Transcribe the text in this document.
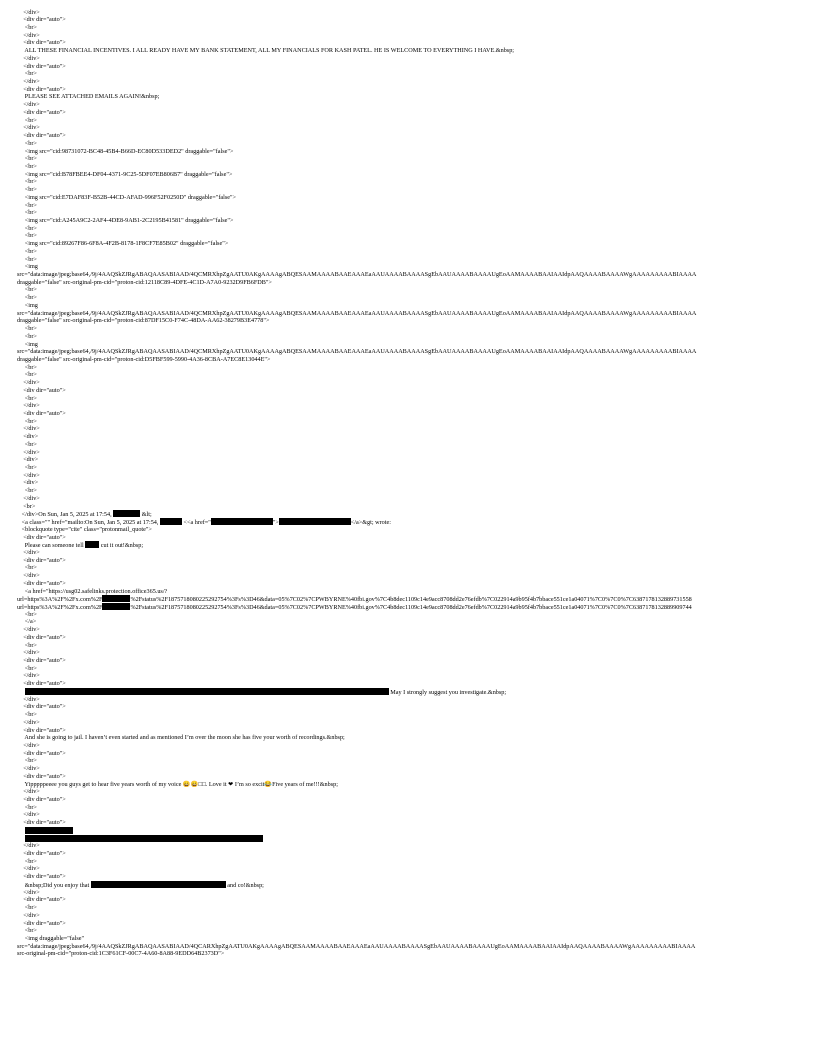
</div>
<div dir="auto">
<br>
</div>
<div dir="auto">
ALL THESE FINANCIAL INCENTIVES. I ALL READY HAVE MY BANK STATEMENT, ALL MY FINANCIALS FOR KASH PATEL. HE IS WELCOME TO EVERYTHING I HAVE.&nbsp;
</div>
<div dir="auto">
<br>
</div>
<div dir="auto">
PLEASE SEE ATTACHED EMAILS AGAIN!&nbsp;
</div>
<div dir="auto">
<br>
</div>
<div dir="auto">
<br>
<img src="cid:98731072-BC48-45B4-B66D-EC80D533DED2" draggable="false">
<br>
<br>
<img src="cid:B78FBEE4-DF04-4371-9C25-5DF07EB806B7" draggable="false">
<br>
<br>
<img src="cid:E7DAF83F-B52B-44CD-AFAD-996F52F0250D" draggable="false">
<br>
<br>
<img src="cid:A245A9C2-2AF4-4DE8-9AB1-2C2195B41581" draggable="false">
<br>
<br>
<img src="cid:89267F86-6F8A-4F2B-8178-1F8CF7E85B02" draggable="false">
<br>
<br>
<img
src="data:image/jpeg;base64,/9j/4AAQSkZJRgABAQAASABIAAD/4QCMRXhpZgAATU0AKgAAAAgABQESAAMAAAABAAEAAAEaAAUAAAABAAAASgEbAAUAAAABAAAAUgEoAAMAAAABAAIAAIdpAAQAAAABAAAAWgAAAAAAAAABIAAAA
draggable="false" src-original-pm-cid="proton-cid:12118C89-4DFE-4C1D-A7A0-9232D9FB6FDB">
<br>
<br>
<img
src="data:image/jpeg;base64,/9j/4AAQSkZJRgABAQAASABIAAD/4QCMRXhpZgAATU0AKgAAAAgABQESAAMAAAABAAEAAAEaAAUAAAABAAAASgEbAAUAAAABAAAAUgEoAAMAAAABAAIAAIdpAAQAAAABAAAAWgAAAAAAAAABIAAAA
draggable="false" src-original-pm-cid="proton-cid:87DF15C0-F74C-48DA-AA62-38279B3E4778">
<br>
<br>
<img
src="data:image/jpeg;base64,/9j/4AAQSkZJRgABAQAASABIAAD/4QCMRXhpZgAATU0AKgAAAAgABQESAAMAAAABAAEAAAEaAAUAAAABAAAASgEbAAUAAAABAAAAUgEoAAMAAAABAAIAAIdpAAQAAAABAAAAWgAAAAAAAAABIAAAA
draggable="false" src-original-pm-cid="proton-cid:D5FBF599-5990-4A36-8CBA-A7EC8E13044E">
<br>
<br>
</div>
<div dir="auto">
<br>
</div>
<div dir="auto">
<br>
</div>
<div>
<br>
</div>
<div>
<br>
</div>
<div>
<br>
</div>
<br>
</div>On Sun, Jan 5, 2025 at 17:54,	&lt;
<a class="" href="mailto:On Sun, Jan 5, 2025 at 17:54,	<<a href="	">	</a>&gt; wrote:
<blockquote type="cite" class="protonmail_quote">
<div dir="auto">
Please can someone tell  cut it out!&nbsp;
</div>
<div dir="auto">
<br>
</div>
<div dir="auto">
<a href="https://usg02.safelinks.protection.office365.us/?
url=https%3A%2F%2Fx.com%2F	%2Fstatus%2F1875718080225292754%3Fs%3D46&data=05%7C02%7CPWBYRNE%40fbi.gov%7C4b8dec1109c14e9acc8708dd2e76efdb%7C022914a9b95f4b7bbace551ce1a04071%7C0%7C0%7C6387178132889731558
url=https%3A%2F%2Fx.com%2F	%2Fstatus%2F1875718080225292754%3Fs%3D46&data=05%7C02%7CPWBYRNE%40fbi.gov%7C4b8dec1109c14e9acc8708dd2e76efdb%7C022914a9b95f4b7bbace551ce1a04071%7C0%7C0%7C6387178132889909744
<br>
</a>
</div>
<div dir="auto">
<br>
</div>
<div dir="auto">
<br>
</div>
<div dir="auto">
May I strongly suggest you investigate.&nbsp;
</div>
<div dir="auto">
<br>
</div>
<div dir="auto">
And she is going to jail. I haven’t even started and as mentioned I’m over the moon she has five your worth of recordings.&nbsp;
</div>
<div dir="auto">
<br>
</div>
<div dir="auto">
Yipppppeeee you guys get to hear five years worth of my voice 😄😄□□. Love it ❤ I’m so excit😂Five years of me!!!&nbsp;
</div>
<div dir="auto">
<br>
</div>
<div dir="auto">

</div>
<div dir="auto">
<br>
</div>
<div dir="auto">
&nbsp;Did you enjoy that	and co!&nbsp;
</div>
<div dir="auto">
<br>
</div>
<div dir="auto">
<br>
<img draggable="false"
src="data:image/jpeg;base64,/9j/4AAQSkZJRgABAQAASABIAAD/4QCARXhpZgAATU0AKgAAAAgABQESAAMAAAABAAEAAAEaAAUAAAABAAAASgEbAAUAAAABAAAAUgEoAAMAAAABAAIAAIdpAAQAAAABAAAAWgAAAAAAAAABIAAAA
src-original-pm-cid="proton-cid:1C3F61CF-00C7-4A60-8A88-9EDD64B2373D">
